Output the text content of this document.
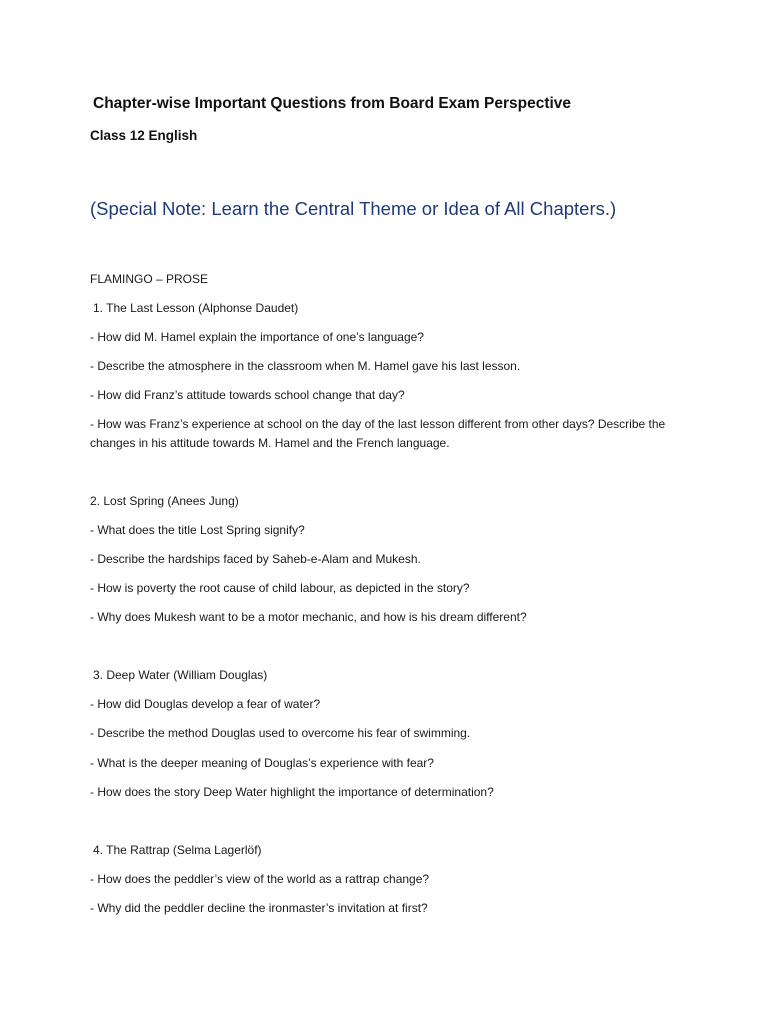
Chapter-wise Important Questions from Board Exam Perspective
Class 12 English
(Special Note: Learn the Central Theme or Idea of All Chapters.)
FLAMINGO – PROSE
1. The Last Lesson (Alphonse Daudet)
- How did M. Hamel explain the importance of one’s language?
- Describe the atmosphere in the classroom when M. Hamel gave his last lesson.
- How did Franz’s attitude towards school change that day?
- How was Franz’s experience at school on the day of the last lesson different from other days? Describe the changes in his attitude towards M. Hamel and the French language.
2. Lost Spring (Anees Jung)
- What does the title Lost Spring signify?
- Describe the hardships faced by Saheb-e-Alam and Mukesh.
- How is poverty the root cause of child labour, as depicted in the story?
- Why does Mukesh want to be a motor mechanic, and how is his dream different?
3. Deep Water (William Douglas)
- How did Douglas develop a fear of water?
- Describe the method Douglas used to overcome his fear of swimming.
- What is the deeper meaning of Douglas’s experience with fear?
- How does the story Deep Water highlight the importance of determination?
4. The Rattrap (Selma Lagerlöf)
- How does the peddler’s view of the world as a rattrap change?
- Why did the peddler decline the ironmaster’s invitation at first?
